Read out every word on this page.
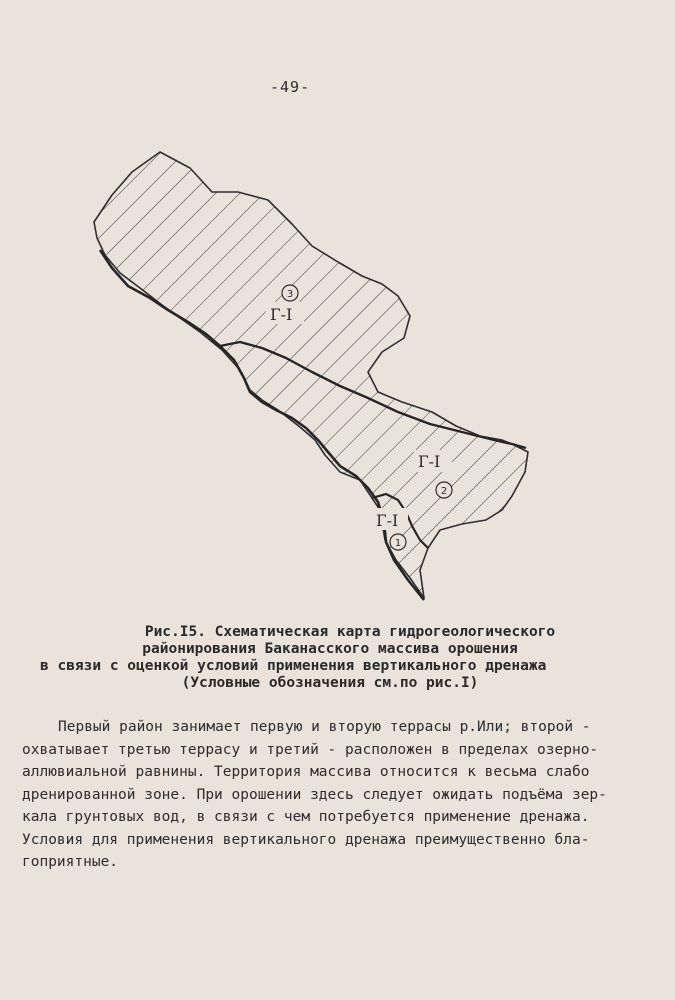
-49-
3
Г-I
Г-I
2
Г-I
1
Рис.I5. Схематическая карта гидрогеологического
районирования Баканасского массива орошения
в связи с оценкой условий применения вертикального дренажа
(Условные обозначения см.по рис.I)
Первый район занимает первую и вторую террасы р.Или; второй -
охватывает третью террасу и третий - расположен в пределах озерно-
аллювиальной равнины. Территория массива относится к весьма слабо
дренированной зоне. При орошении здесь следует ожидать подъёма зер-
кала грунтовых вод, в связи с чем потребуется применение дренажа.
Условия для применения вертикального дренажа преимущественно бла-
гоприятные.
